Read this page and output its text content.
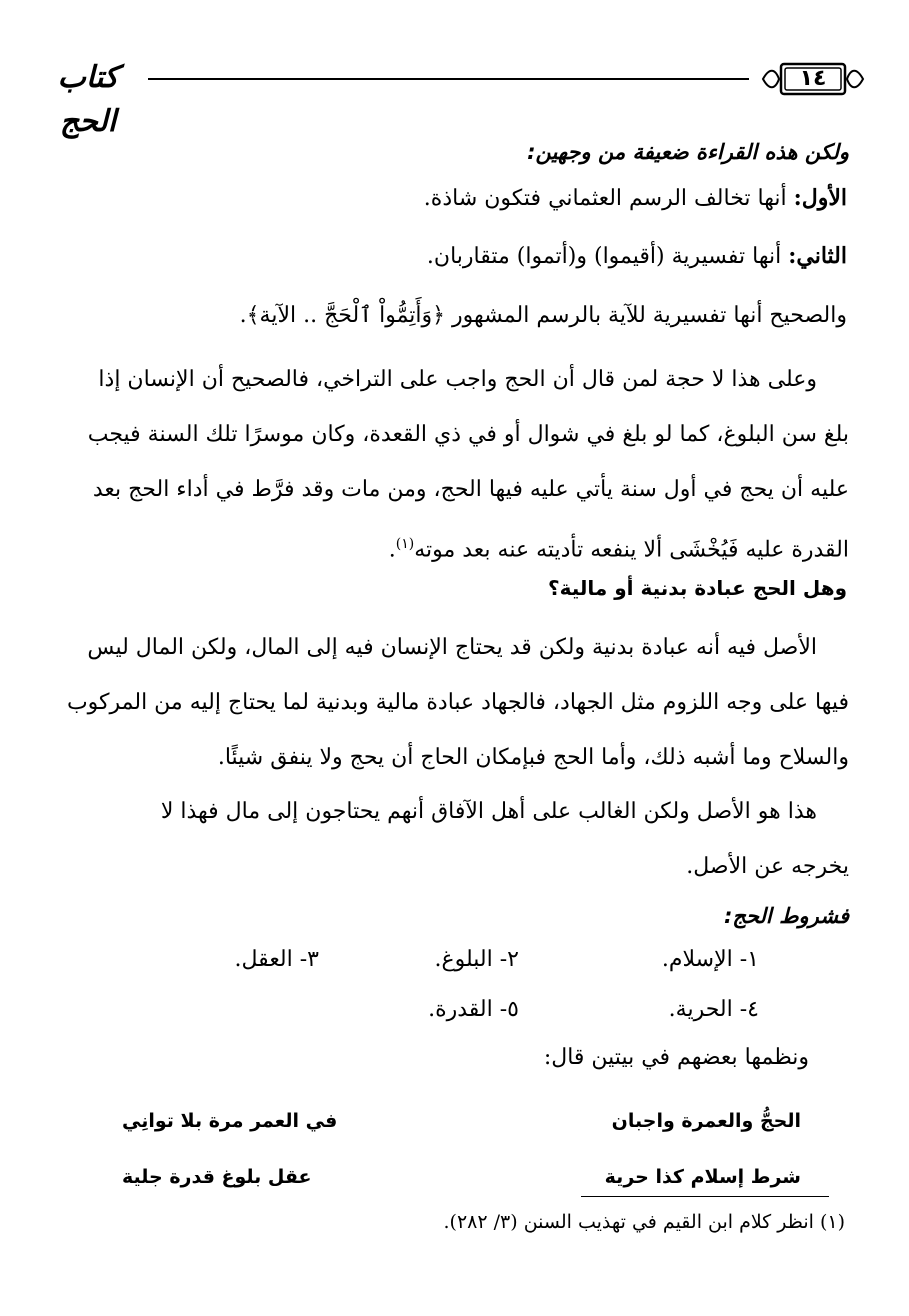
١٤
كتاب الحج
ولكن هذه القراءة ضعيفة من وجهين:
الأول: أنها تخالف الرسم العثماني فتكون شاذة.
الثاني: أنها تفسيرية (أقيموا) و(أتموا) متقاربان.
والصحيح أنها تفسيرية للآية بالرسم المشهور ﴿وَأَتِمُّواْ ٱلْحَجَّ .. الآية﴾.
وعلى هذا لا حجة لمن قال أن الحج واجب على التراخي، فالصحيح أن الإنسان إذا
بلغ سن البلوغ، كما لو بلغ في شوال أو في ذي القعدة، وكان موسرًا تلك السنة فيجب
عليه أن يحج في أول سنة يأتي عليه فيها الحج، ومن مات وقد فرَّط في أداء الحج بعد
القدرة عليه فَيُخْشَى ألا ينفعه تأديته عنه بعد موته$^{(١)}$.
وهل الحج عبادة بدنية أو مالية؟
الأصل فيه أنه عبادة بدنية ولكن قد يحتاج الإنسان فيه إلى المال، ولكن المال ليس
فيها على وجه اللزوم مثل الجهاد، فالجهاد عبادة مالية وبدنية لما يحتاج إليه من المركوب
والسلاح وما أشبه ذلك، وأما الحج فبإمكان الحاج أن يحج ولا ينفق شيئًا.
هذا هو الأصل ولكن الغالب على أهل الآفاق أنهم يحتاجون إلى مال فهذا لا
يخرجه عن الأصل.
فشروط الحج:
١- الإسلام.
٢- البلوغ.
٣- العقل.
٤- الحرية.
٥- القدرة.
ونظمها بعضهم في بيتين قال:
الحجُّ والعمرة واجبان
في العمر مرة بلا توانِي
شرط إسلام كذا حرية
عقل بلوغ قدرة جلية
(١) انظر كلام ابن القيم في تهذيب السنن (٣/ ٢٨٢).
